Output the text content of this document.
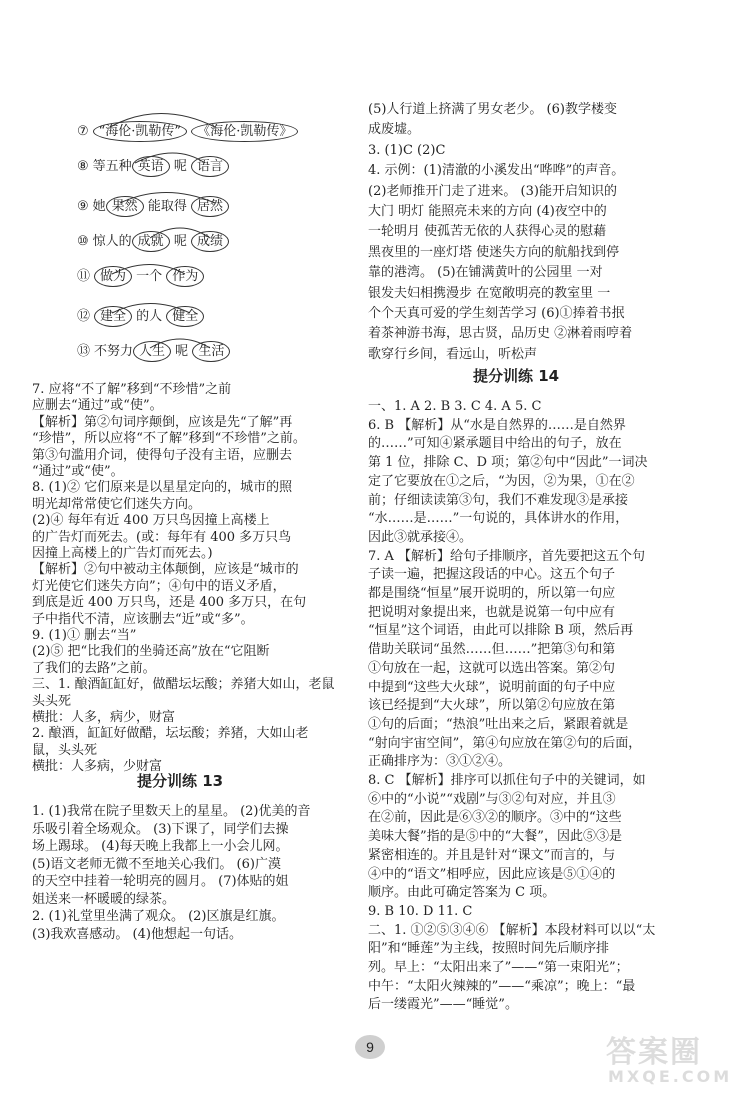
⑦ “海伦·凯勒传” 《海伦·凯勒传》
⑧ 等五种 英语 呢 语言
⑨ 她 果然 能取得 居然
⑩ 惊人的 成就 呢 成绩
⑪ 做为 一个 作为
⑫ 建全 的人 健全
⑬ 不努力 人生 呢 生活
7. 应将“不了解”移到“不珍惜”之前
应删去“通过”或“使”。
【解析】第②句词序颠倒，应该是先“了解”再
“珍惜”，所以应将“不了解”移到“不珍惜”之前。
第③句滥用介词，使得句子没有主语，应删去
“通过”或“使”。
8. (1)② 它们原来是以星星定向的，城市的照
明光却常常使它们迷失方向。
(2)④ 每年有近 400 万只鸟因撞上高楼上
的广告灯而死去。(或：每年有 400 多万只鸟
因撞上高楼上的广告灯而死去。)
【解析】②句中被动主体颠倒，应该是“城市的
灯光使它们迷失方向”；④句中的语义矛盾，
到底是近 400 万只鸟，还是 400 多万只，在句
子中指代不清，应该删去“近”或“多”。
9. (1)① 删去“当”
(2)⑤ 把“比我们的坐骑还高”放在“它阻断
了我们的去路”之前。
三、1. 酿酒缸缸好，做醋坛坛酸；养猪大如山，老鼠
头头死
横批：人多，病少，财富
2. 酿酒，缸缸好做醋，坛坛酸；养猪，大如山老
鼠，头头死
横批：人多病，少财富
提分训练 13
1. (1)我常在院子里数天上的星星。 (2)优美的音
乐吸引着全场观众。 (3)下课了，同学们去操
场上踢球。 (4)每天晚上我都上一小会儿网。
(5)语文老师无微不至地关心我们。 (6)广漠
的天空中挂着一轮明亮的圆月。 (7)体贴的姐
姐送来一杯暖暖的绿茶。
2. (1)礼堂里坐满了观众。 (2)区旗是红旗。
(3)我欢喜感动。 (4)他想起一句话。
(5)人行道上挤满了男女老少。 (6)教学楼变
成废墟。
3. (1)C (2)C
4. 示例：(1)清澈的小溪发出“哗哗”的声音。
(2)老师推开门走了进来。 (3)能开启知识的
大门 明灯 能照亮未来的方向 (4)夜空中的
一轮明月 使孤苦无依的人获得心灵的慰藉
黑夜里的一座灯塔 使迷失方向的航船找到停
靠的港湾。 (5)在铺满黄叶的公园里 一对
银发夫妇相携漫步 在宽敞明亮的教室里 一
个个天真可爱的学生刻苦学习 (6)①捧着书抿
着茶神游书海，思古贤，品历史 ②淋着雨哼着
歌穿行乡间，看远山，听松声
提分训练 14
一、1. A 2. B 3. C 4. A 5. C
6. B 【解析】从“水是自然界的……是自然界
的……”可知④紧承题目中给出的句子，放在
第 1 位，排除 C、D 项；第②句中“因此”一词决
定了它要放在①之后，“为因，②为果，①在②
前；仔细读读第③句，我们不难发现③是承接
“水……是……”一句说的，具体讲水的作用，
因此③就承接④。
7. A 【解析】给句子排顺序，首先要把这五个句
子读一遍，把握这段话的中心。这五个句子
都是围绕“恒星”展开说明的，所以第一句应
把说明对象提出来，也就是说第一句中应有
“恒星”这个词语，由此可以排除 B 项，然后再
借助关联词“虽然……但……”把第③句和第
①句放在一起，这就可以选出答案。第②句
中提到“这些大火球”，说明前面的句子中应
该已经提到“大火球”，所以第②句应放在第
①句的后面；“热浪”吐出来之后，紧跟着就是
“射向宇宙空间”，第④句应放在第②句的后面，
正确排序为：③①②④。
8. C 【解析】排序可以抓住句子中的关键词，如
⑥中的“小说”“戏剧”与③②句对应，并且③
在②前，因此是⑥③②的顺序。③中的“这些
美味大餐”指的是⑤中的“大餐”，因此⑤③是
紧密相连的。并且是针对“课文”而言的，与
④中的“语文”相呼应，因此应该是⑤①④的
顺序。由此可确定答案为 C 项。
9. B 10. D 11. C
二、1. ①②⑤③④⑥ 【解析】本段材料可以以“太
阳”和“睡莲”为主线，按照时间先后顺序排
列。早上：“太阳出来了”——“第一束阳光”；
中午：“太阳火辣辣的”——“乘凉”；晚上：“最
后一缕霞光”——“睡觉”。
9	答案圈
MXQE.COM
